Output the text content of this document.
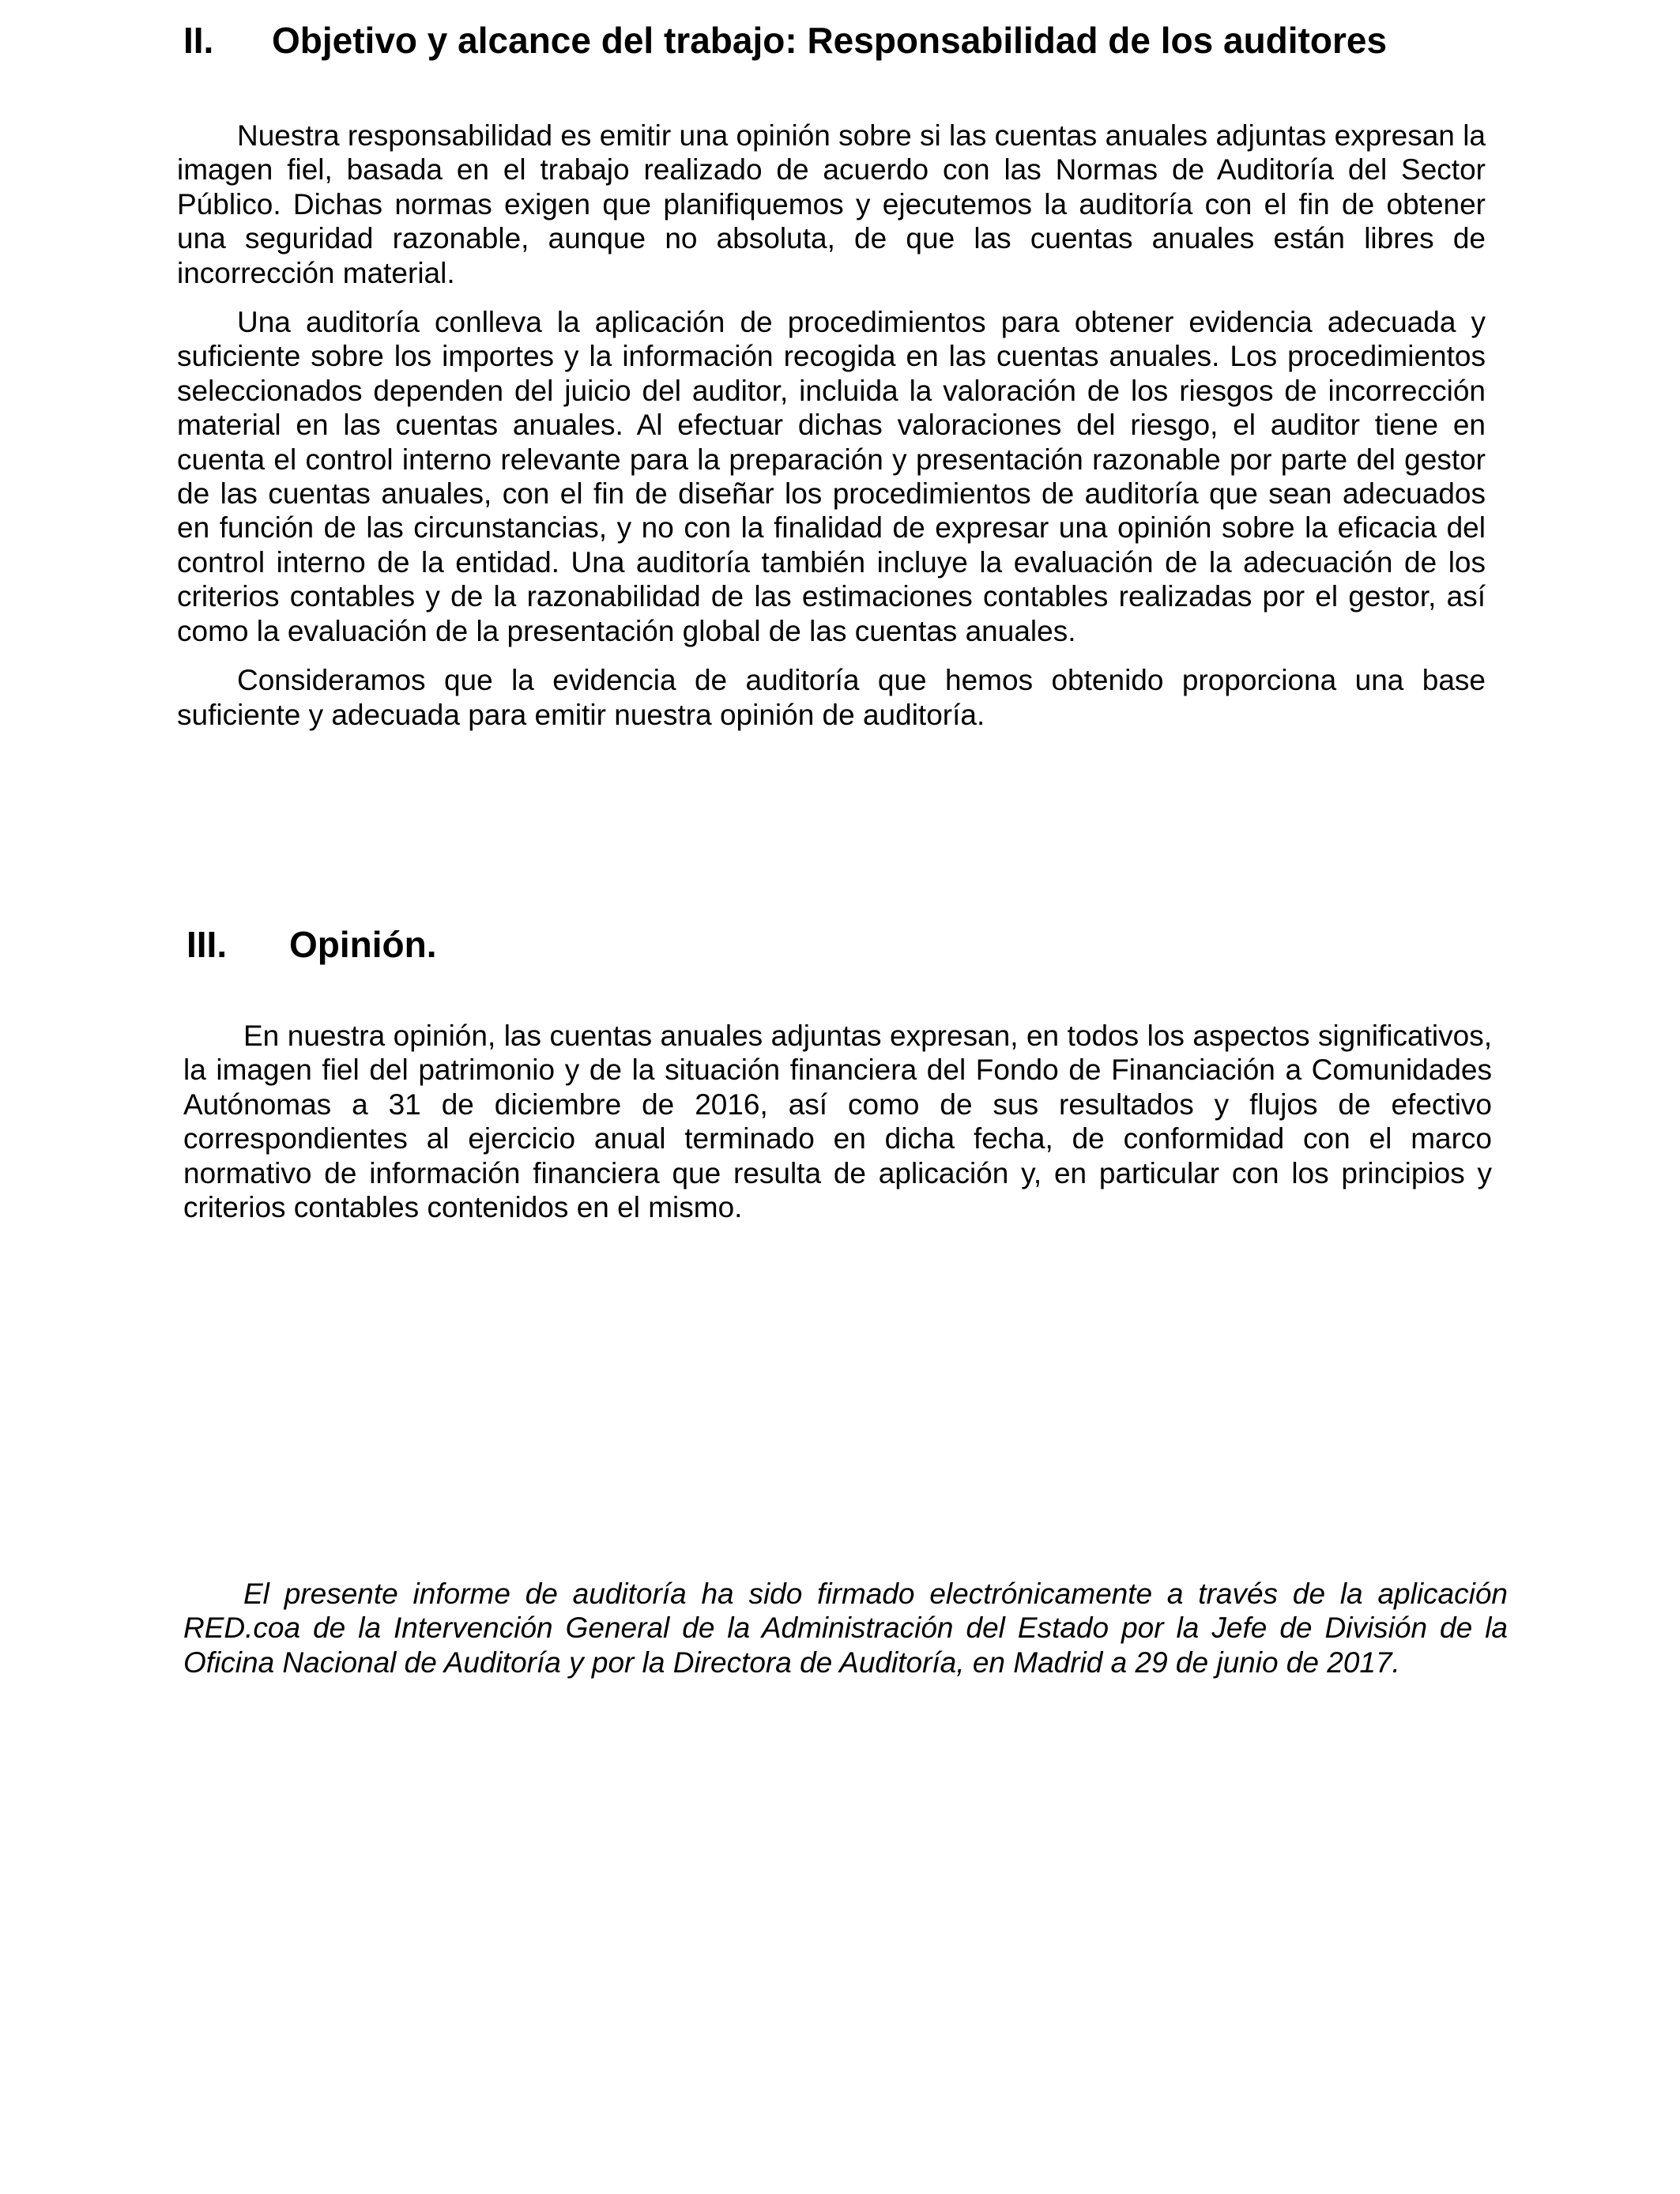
II. Objetivo y alcance del trabajo: Responsabilidad de los auditores

Nuestra responsabilidad es emitir una opinión sobre si las cuentas anuales adjuntas expresan la imagen fiel, basada en el trabajo realizado de acuerdo con las Normas de Auditoría del Sector Público. Dichas normas exigen que planifiquemos y ejecutemos la auditoría con el fin de obtener una seguridad razonable, aunque no absoluta, de que las cuentas anuales están libres de incorrección material.

Una auditoría conlleva la aplicación de procedimientos para obtener evidencia adecuada y suficiente sobre los importes y la información recogida en las cuentas anuales. Los procedimientos seleccionados dependen del juicio del auditor, incluida la valoración de los riesgos de incorrección material en las cuentas anuales. Al efectuar dichas valoraciones del riesgo, el auditor tiene en cuenta el control interno relevante para la preparación y presentación razonable por parte del gestor de las cuentas anuales, con el fin de diseñar los procedimientos de auditoría que sean adecuados en función de las circunstancias, y no con la finalidad de expresar una opinión sobre la eficacia del control interno de la entidad. Una auditoría también incluye la evaluación de la adecuación de los criterios contables y de la razonabilidad de las estimaciones contables realizadas por el gestor, así como la evaluación de la presentación global de las cuentas anuales.

Consideramos que la evidencia de auditoría que hemos obtenido proporciona una base suficiente y adecuada para emitir nuestra opinión de auditoría.

III. Opinión.

En nuestra opinión, las cuentas anuales adjuntas expresan, en todos los aspectos significativos, la imagen fiel del patrimonio y de la situación financiera del Fondo de Financiación a Comunidades Autónomas a 31 de diciembre de 2016, así como de sus resultados y flujos de efectivo correspondientes al ejercicio anual terminado en dicha fecha, de conformidad con el marco normativo de información financiera que resulta de aplicación y, en particular con los principios y criterios contables contenidos en el mismo.

El presente informe de auditoría ha sido firmado electrónicamente a través de la aplicación RED.coa de la Intervención General de la Administración del Estado por la Jefe de División de la Oficina Nacional de Auditoría y por la Directora de Auditoría, en Madrid a 29 de junio de 2017.
